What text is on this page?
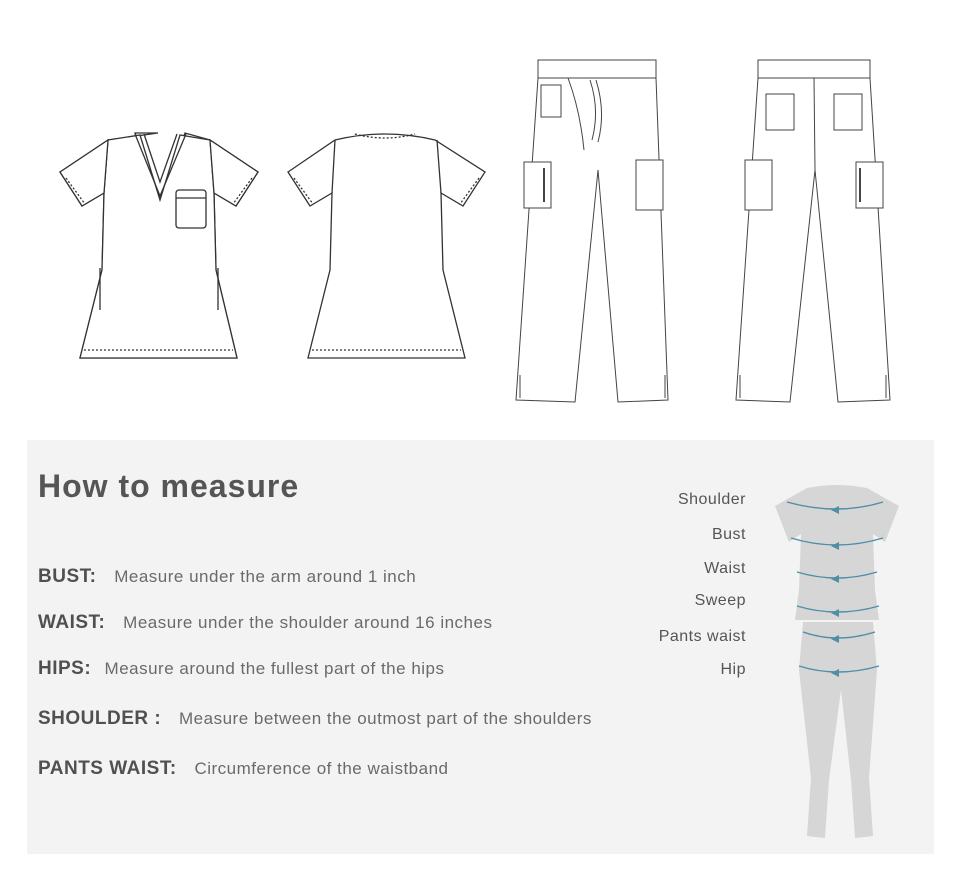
How to measure
BUST: Measure under the arm around 1 inch
WAIST: Measure under the shoulder around 16 inches
HIPS: Measure around the fullest part of the hips
SHOULDER : Measure between the outmost part of the shoulders
PANTS WAIST: Circumference of the waistband
Shoulder
Bust
Waist
Sweep
Pants waist
Hip
